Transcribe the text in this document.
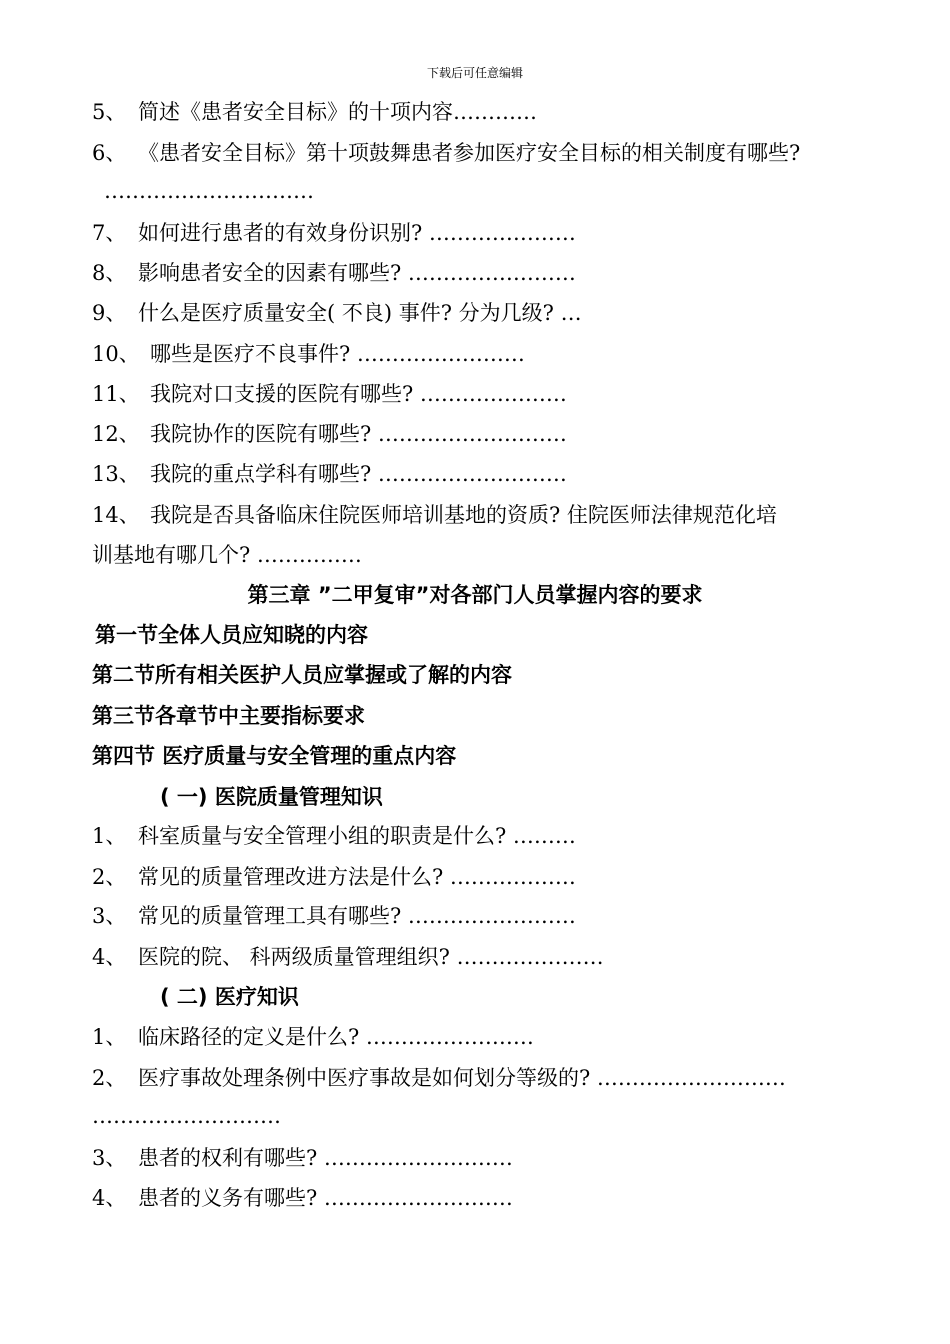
下载后可任意编辑
5、 简述《患者安全目标》的十项内容…………
6、 《患者安全目标》第十项鼓舞患者参加医疗安全目标的相关制度有哪些?
…………………………
7、 如何进行患者的有效身份识别? …………………
8、 影响患者安全的因素有哪些? ……………………
9、 什么是医疗质量安全( 不良) 事件? 分为几级? …
10、 哪些是医疗不良事件? ……………………
11、 我院对口支援的医院有哪些? …………………
12、 我院协作的医院有哪些? ………………………
13、 我院的重点学科有哪些? ………………………
14、 我院是否具备临床住院医师培训基地的资质? 住院医师法律规范化培
训基地有哪几个? ……………
第三章 ”二甲复审”对各部门人员掌握内容的要求
第一节全体人员应知晓的内容
第二节所有相关医护人员应掌握或了解的内容
第三节各章节中主要指标要求
第四节 医疗质量与安全管理的重点内容
( 一) 医院质量管理知识
1、 科室质量与安全管理小组的职责是什么? ………
2、 常见的质量管理改进方法是什么? ………………
3、 常见的质量管理工具有哪些? ……………………
4、 医院的院、 科两级质量管理组织? …………………
( 二) 医疗知识
1、 临床路径的定义是什么? ……………………
2、 医疗事故处理条例中医疗事故是如何划分等级的? ………………………
………………………
3、 患者的权利有哪些? ………………………
4、 患者的义务有哪些? ………………………
